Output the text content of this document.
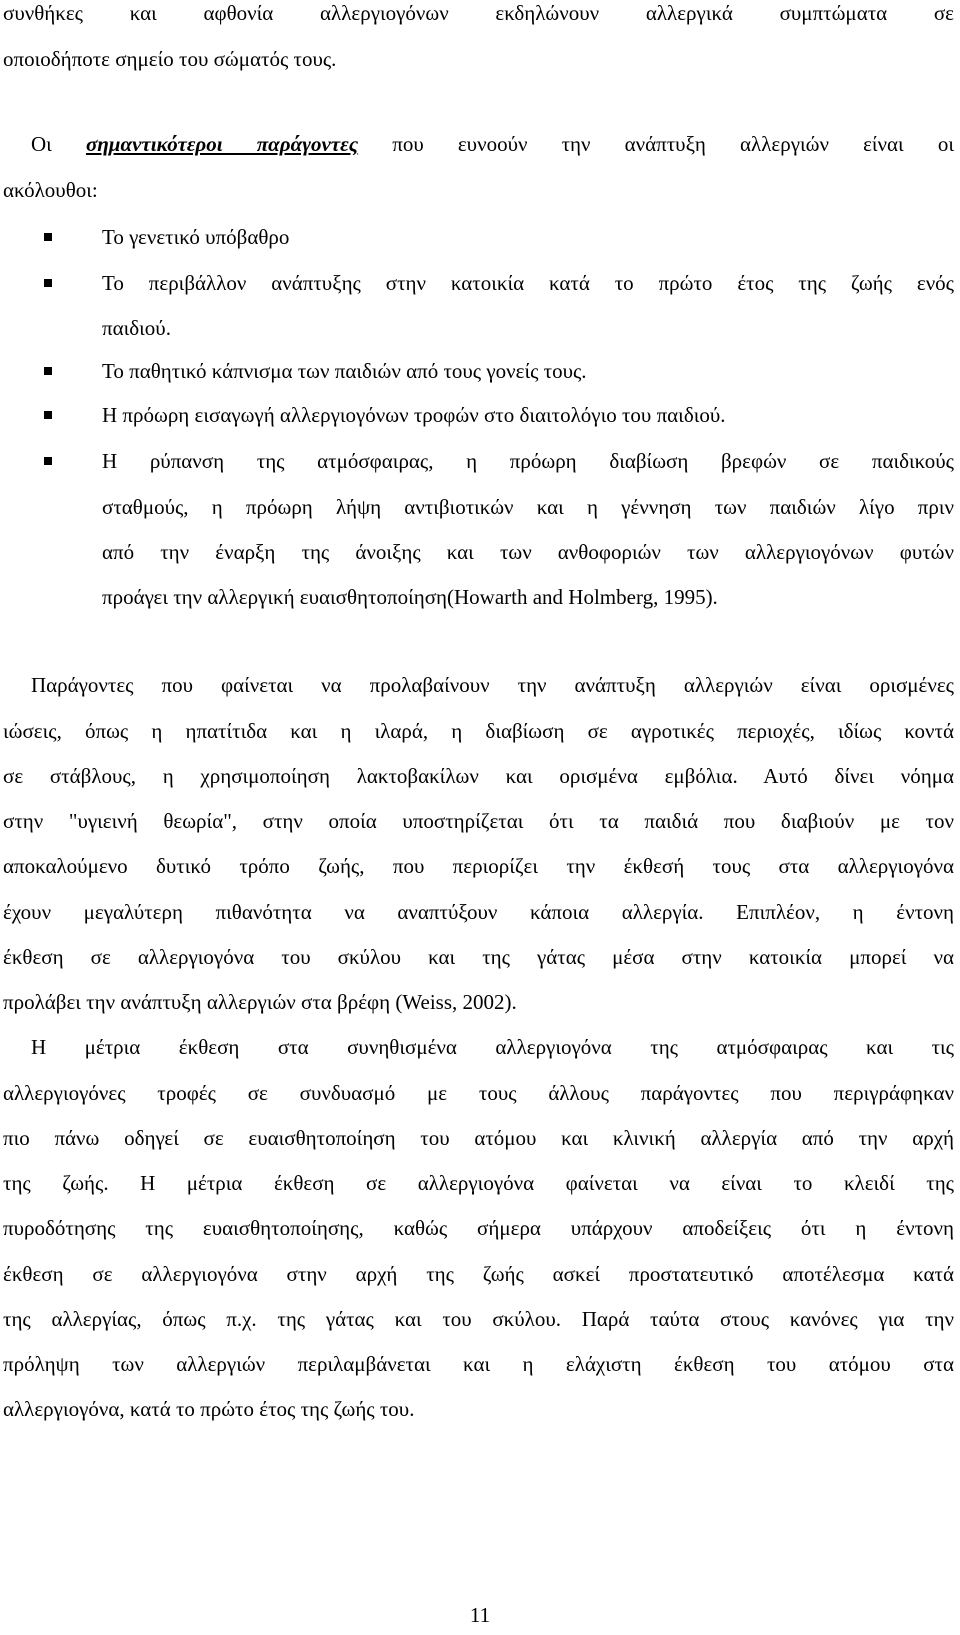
συνθήκες και αφθονία αλλεργιογόνων εκδηλώνουν αλλεργικά συμπτώματα σε
οποιοδήποτε σημείο του σώματός τους.
Οι σημαντικότεροι παράγοντες που ευνοούν την ανάπτυξη αλλεργιών είναι οι
ακόλουθοι:
Το γενετικό υπόβαθρο
Το περιβάλλον ανάπτυξης στην κατοικία κατά το πρώτο έτος της ζωής ενός
παιδιού.
Το παθητικό κάπνισμα των παιδιών από τους γονείς τους.
Η πρόωρη εισαγωγή αλλεργιογόνων τροφών στο διαιτολόγιο του παιδιού.
Η ρύπανση της ατμόσφαιρας, η πρόωρη διαβίωση βρεφών σε παιδικούς
σταθμούς, η πρόωρη λήψη αντιβιοτικών και η γέννηση των παιδιών λίγο πριν
από την έναρξη της άνοιξης και των ανθοφοριών των αλλεργιογόνων φυτών
προάγει την αλλεργική ευαισθητοποίηση(Howarth and Holmberg, 1995).
Παράγοντες που φαίνεται να προλαβαίνουν την ανάπτυξη αλλεργιών είναι ορισμένες
ιώσεις, όπως η ηπατίτιδα και η ιλαρά, η διαβίωση σε αγροτικές περιοχές, ιδίως κοντά
σε στάβλους, η χρησιμοποίηση λακτοβακίλων και ορισμένα εμβόλια. Αυτό δίνει νόημα
στην "υγιεινή θεωρία", στην οποία υποστηρίζεται ότι τα παιδιά που διαβιούν με τον
αποκαλούμενο δυτικό τρόπο ζωής, που περιορίζει την έκθεσή τους στα αλλεργιογόνα
έχουν μεγαλύτερη πιθανότητα να αναπτύξουν κάποια αλλεργία. Επιπλέον, η έντονη
έκθεση σε αλλεργιογόνα του σκύλου και της γάτας μέσα στην κατοικία μπορεί να
προλάβει την ανάπτυξη αλλεργιών στα βρέφη (Weiss, 2002).
Η μέτρια έκθεση στα συνηθισμένα αλλεργιογόνα της ατμόσφαιρας και τις
αλλεργιογόνες τροφές σε συνδυασμό με τους άλλους παράγοντες που περιγράφηκαν
πιο πάνω οδηγεί σε ευαισθητοποίηση του ατόμου και κλινική αλλεργία από την αρχή
της ζωής. Η μέτρια έκθεση σε αλλεργιογόνα φαίνεται να είναι το κλειδί της
πυροδότησης της ευαισθητοποίησης, καθώς σήμερα υπάρχουν αποδείξεις ότι η έντονη
έκθεση σε αλλεργιογόνα στην αρχή της ζωής ασκεί προστατευτικό αποτέλεσμα κατά
της αλλεργίας, όπως π.χ. της γάτας και του σκύλου. Παρά ταύτα στους κανόνες για την
πρόληψη των αλλεργιών περιλαμβάνεται και η ελάχιστη έκθεση του ατόμου στα
αλλεργιογόνα, κατά το πρώτο έτος της ζωής του.
11
